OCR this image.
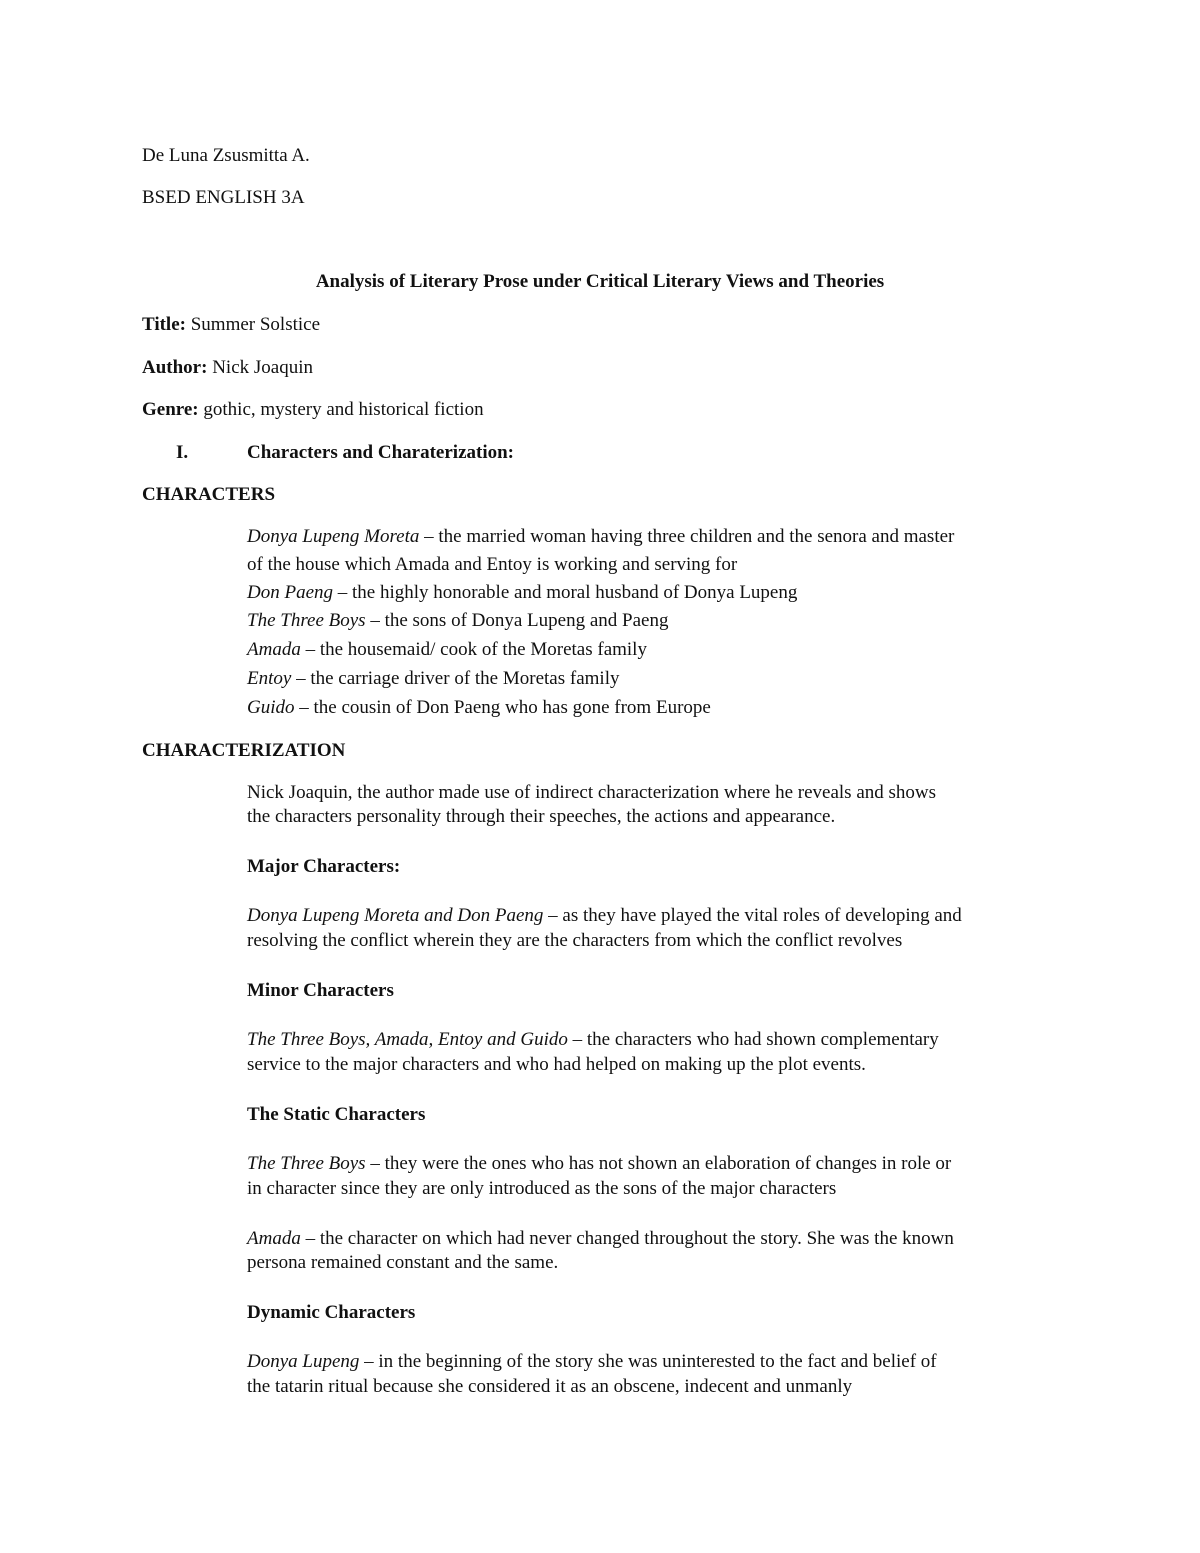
De Luna Zsusmitta A.
BSED ENGLISH 3A
Analysis of Literary Prose under Critical Literary Views and Theories
Title: Summer Solstice
Author: Nick Joaquin
Genre: gothic, mystery and historical fiction
I.	Characters and Charaterization:
CHARACTERS
Donya Lupeng Moreta – the married woman having three children and the senora and master
of the house which Amada and Entoy is working and serving for
Don Paeng – the highly honorable and moral husband of Donya Lupeng
The Three Boys – the sons of Donya Lupeng and Paeng
Amada – the housemaid/ cook of the Moretas family
Entoy – the carriage driver of the Moretas family
Guido – the cousin of Don Paeng who has gone from Europe
CHARACTERIZATION
Nick Joaquin, the author made use of indirect characterization where he reveals and shows
the characters personality through their speeches, the actions and appearance.
Major Characters:
Donya Lupeng Moreta and Don Paeng – as they have played the vital roles of developing and
resolving the conflict wherein they are the characters from which the conflict revolves
Minor Characters
The Three Boys, Amada, Entoy and Guido – the characters who had shown complementary
service to the major characters and who had helped on making up the plot events.
The Static Characters
The Three Boys – they were the ones who has not shown an elaboration of changes in role or
in character since they are only introduced as the sons of the major characters
Amada – the character on which had never changed throughout the story. She was the known
persona remained constant and the same.
Dynamic Characters
Donya Lupeng – in the beginning of the story she was uninterested to the fact and belief of
the tatarin ritual because she considered it as an obscene, indecent and unmanly
